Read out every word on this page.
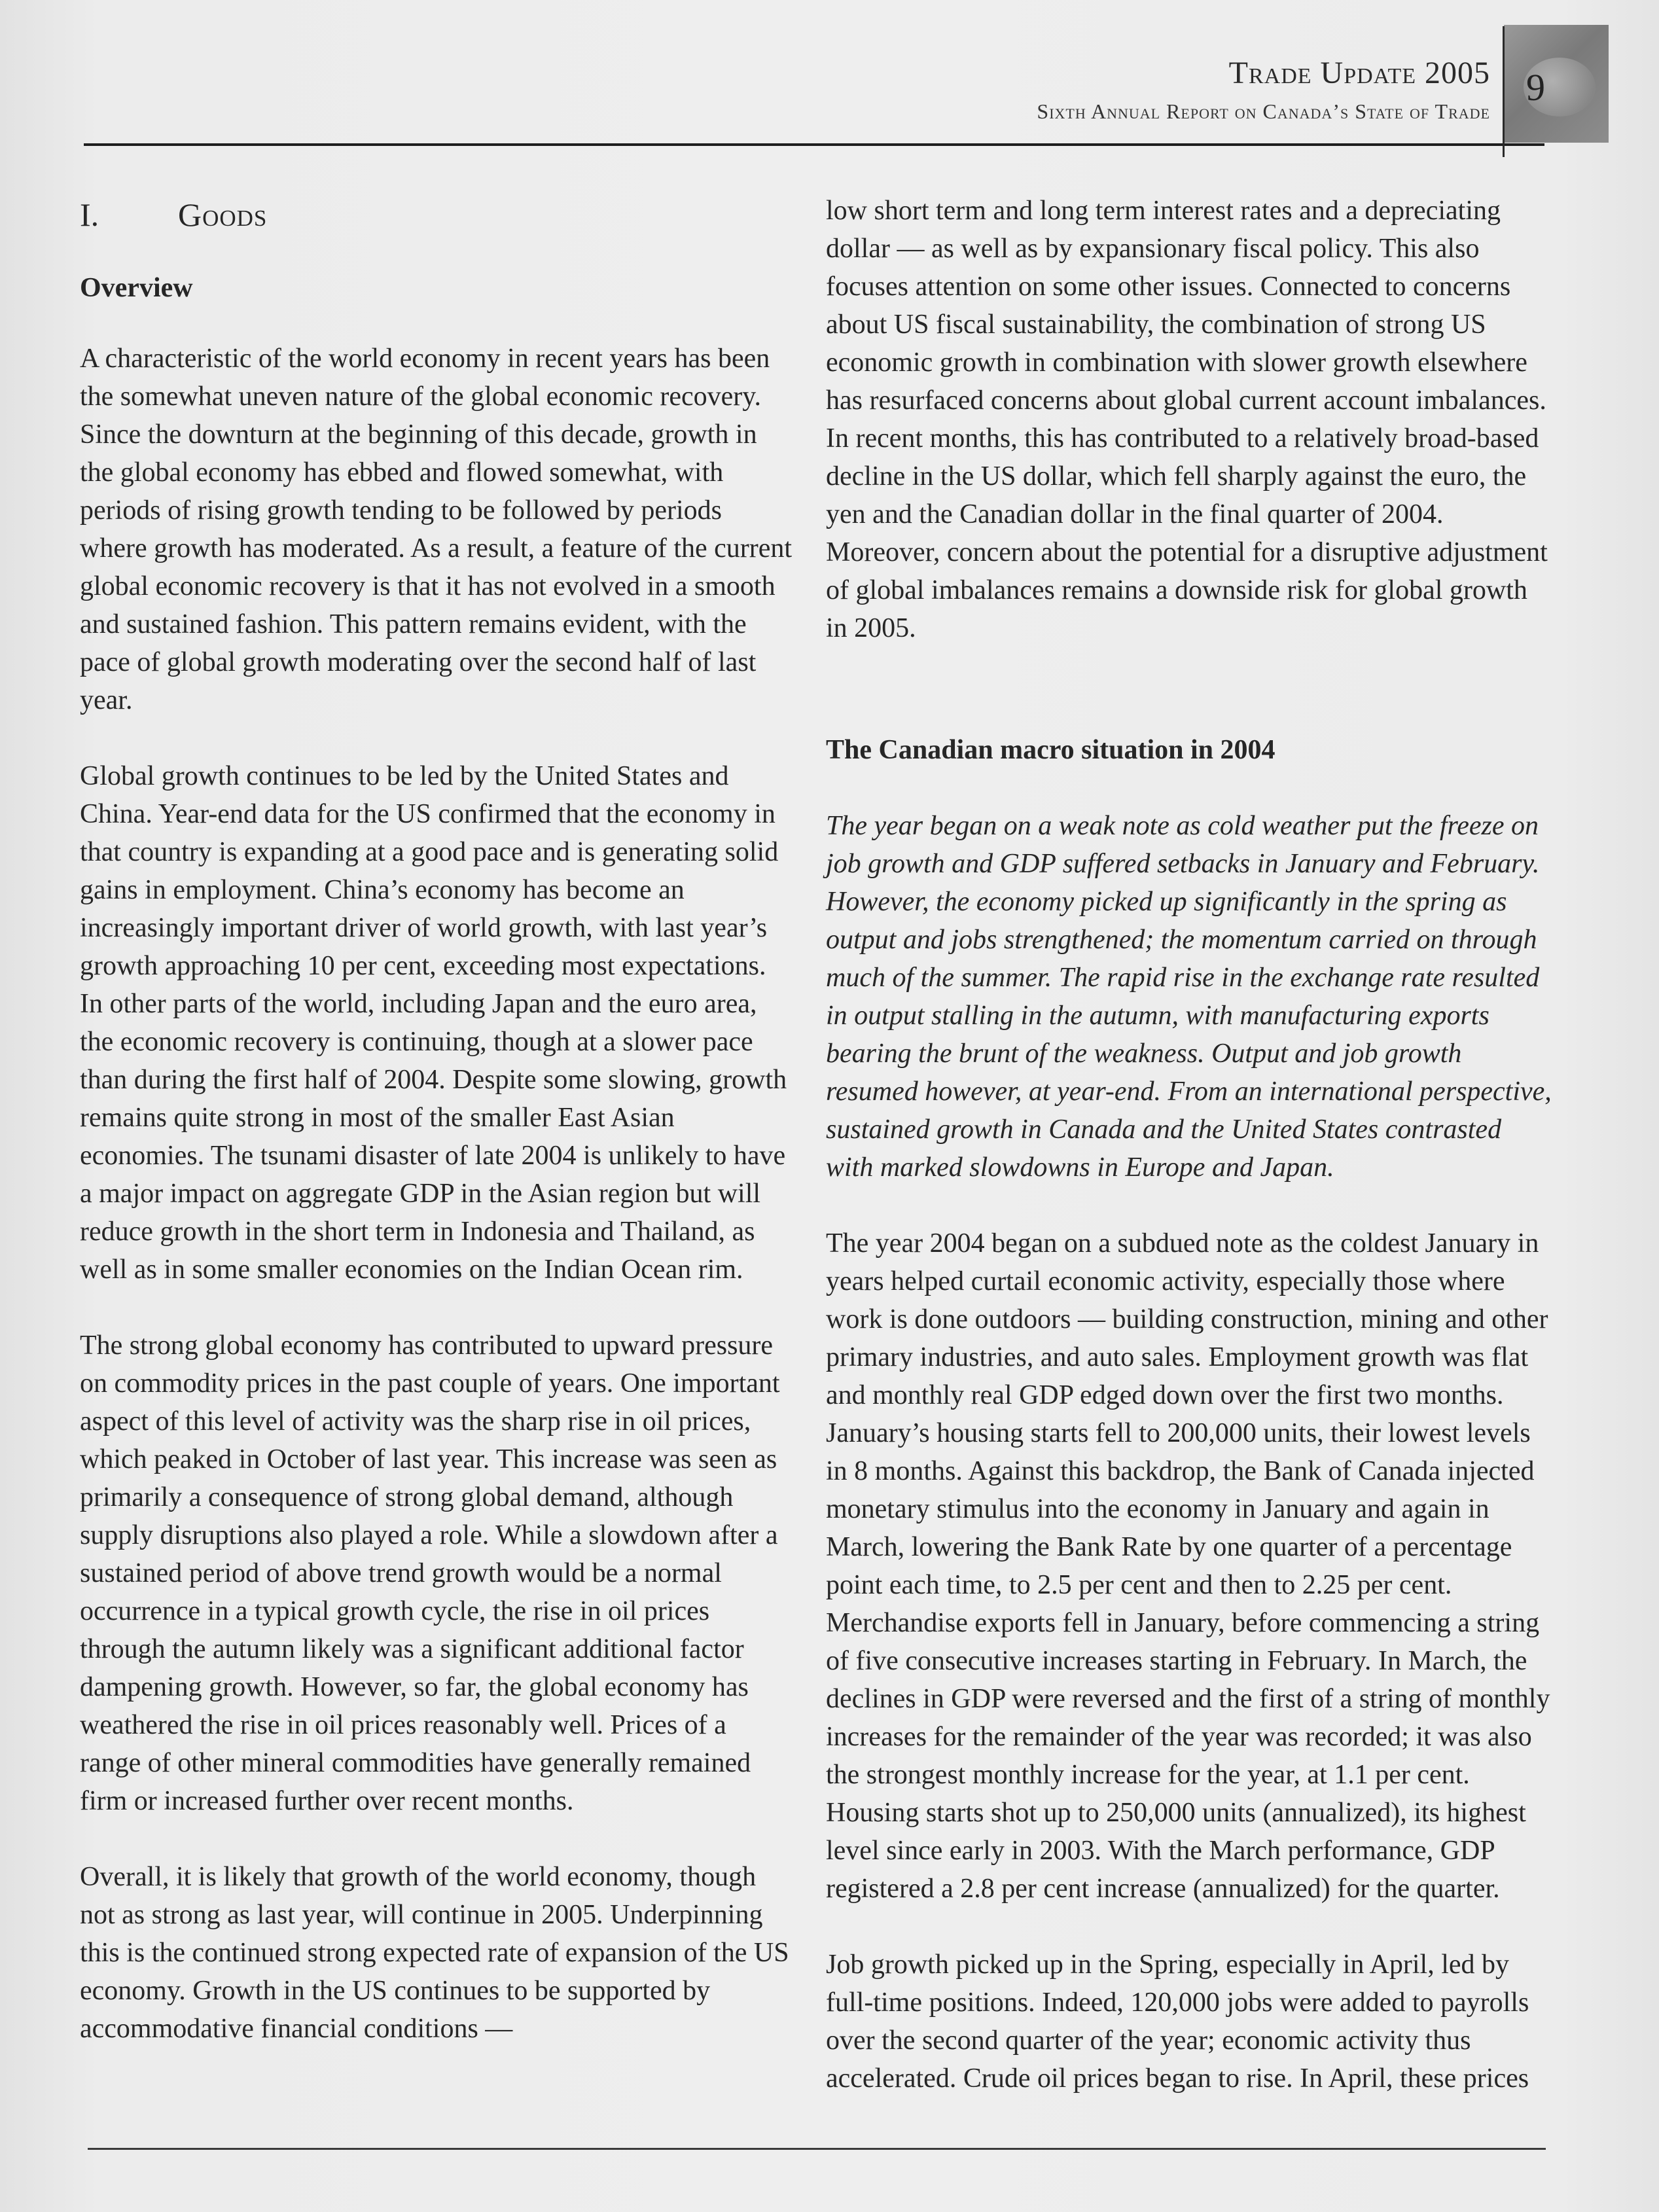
Trade Update 2005
Sixth Annual Report on Canada’s State of Trade
9
I. Goods

Overview

A characteristic of the world economy in recent years has been the somewhat uneven nature of the global economic recovery. Since the downturn at the beginning of this decade, growth in the global economy has ebbed and flowed somewhat, with periods of rising growth tending to be followed by periods where growth has moderated. As a result, a feature of the current global economic recovery is that it has not evolved in a smooth and sustained fashion. This pattern remains evident, with the pace of global growth moderating over the second half of last year.

Global growth continues to be led by the United States and China. Year-end data for the US confirmed that the economy in that country is expanding at a good pace and is generating solid gains in employment. China’s economy has become an increasingly important driver of world growth, with last year’s growth approaching 10 per cent, exceeding most expectations. In other parts of the world, including Japan and the euro area, the economic recovery is continuing, though at a slower pace than during the first half of 2004. Despite some slowing, growth remains quite strong in most of the smaller East Asian economies. The tsunami disaster of late 2004 is unlikely to have a major impact on aggregate GDP in the Asian region but will reduce growth in the short term in Indonesia and Thailand, as well as in some smaller economies on the Indian Ocean rim.

The strong global economy has contributed to upward pressure on commodity prices in the past couple of years. One important aspect of this level of activity was the sharp rise in oil prices, which peaked in October of last year. This increase was seen as primarily a consequence of strong global demand, although supply disruptions also played a role. While a slowdown after a sustained period of above trend growth would be a normal occurrence in a typical growth cycle, the rise in oil prices through the autumn likely was a significant additional factor dampening growth. However, so far, the global economy has weathered the rise in oil prices reasonably well. Prices of a range of other mineral commodities have generally remained firm or increased further over recent months.

Overall, it is likely that growth of the world economy, though not as strong as last year, will continue in 2005. Underpinning this is the continued strong expected rate of expansion of the US economy. Growth in the US continues to be supported by accommodative financial conditions —

low short term and long term interest rates and a depreciating dollar — as well as by expansionary fiscal policy. This also focuses attention on some other issues. Connected to concerns about US fiscal sustainability, the combination of strong US economic growth in combination with slower growth elsewhere has resurfaced concerns about global current account imbalances. In recent months, this has contributed to a relatively broad-based decline in the US dollar, which fell sharply against the euro, the yen and the Canadian dollar in the final quarter of 2004. Moreover, concern about the potential for a disruptive adjustment of global imbalances remains a downside risk for global growth in 2005.

The Canadian macro situation in 2004

The year began on a weak note as cold weather put the freeze on job growth and GDP suffered setbacks in January and February. However, the economy picked up significantly in the spring as output and jobs strengthened; the momentum carried on through much of the summer. The rapid rise in the exchange rate resulted in output stalling in the autumn, with manufacturing exports bearing the brunt of the weakness. Output and job growth resumed however, at year-end. From an international perspective, sustained growth in Canada and the United States contrasted with marked slowdowns in Europe and Japan.

The year 2004 began on a subdued note as the coldest January in years helped curtail economic activity, especially those where work is done outdoors — building construction, mining and other primary industries, and auto sales. Employment growth was flat and monthly real GDP edged down over the first two months. January’s housing starts fell to 200,000 units, their lowest levels in 8 months. Against this backdrop, the Bank of Canada injected monetary stimulus into the economy in January and again in March, lowering the Bank Rate by one quarter of a percentage point each time, to 2.5 per cent and then to 2.25 per cent. Merchandise exports fell in January, before commencing a string of five consecutive increases starting in February. In March, the declines in GDP were reversed and the first of a string of monthly increases for the remainder of the year was recorded; it was also the strongest monthly increase for the year, at 1.1 per cent. Housing starts shot up to 250,000 units (annualized), its highest level since early in 2003. With the March performance, GDP registered a 2.8 per cent increase (annualized) for the quarter.

Job growth picked up in the Spring, especially in April, led by full-time positions. Indeed, 120,000 jobs were added to payrolls over the second quarter of the year; economic activity thus accelerated. Crude oil prices began to rise. In April, these prices
